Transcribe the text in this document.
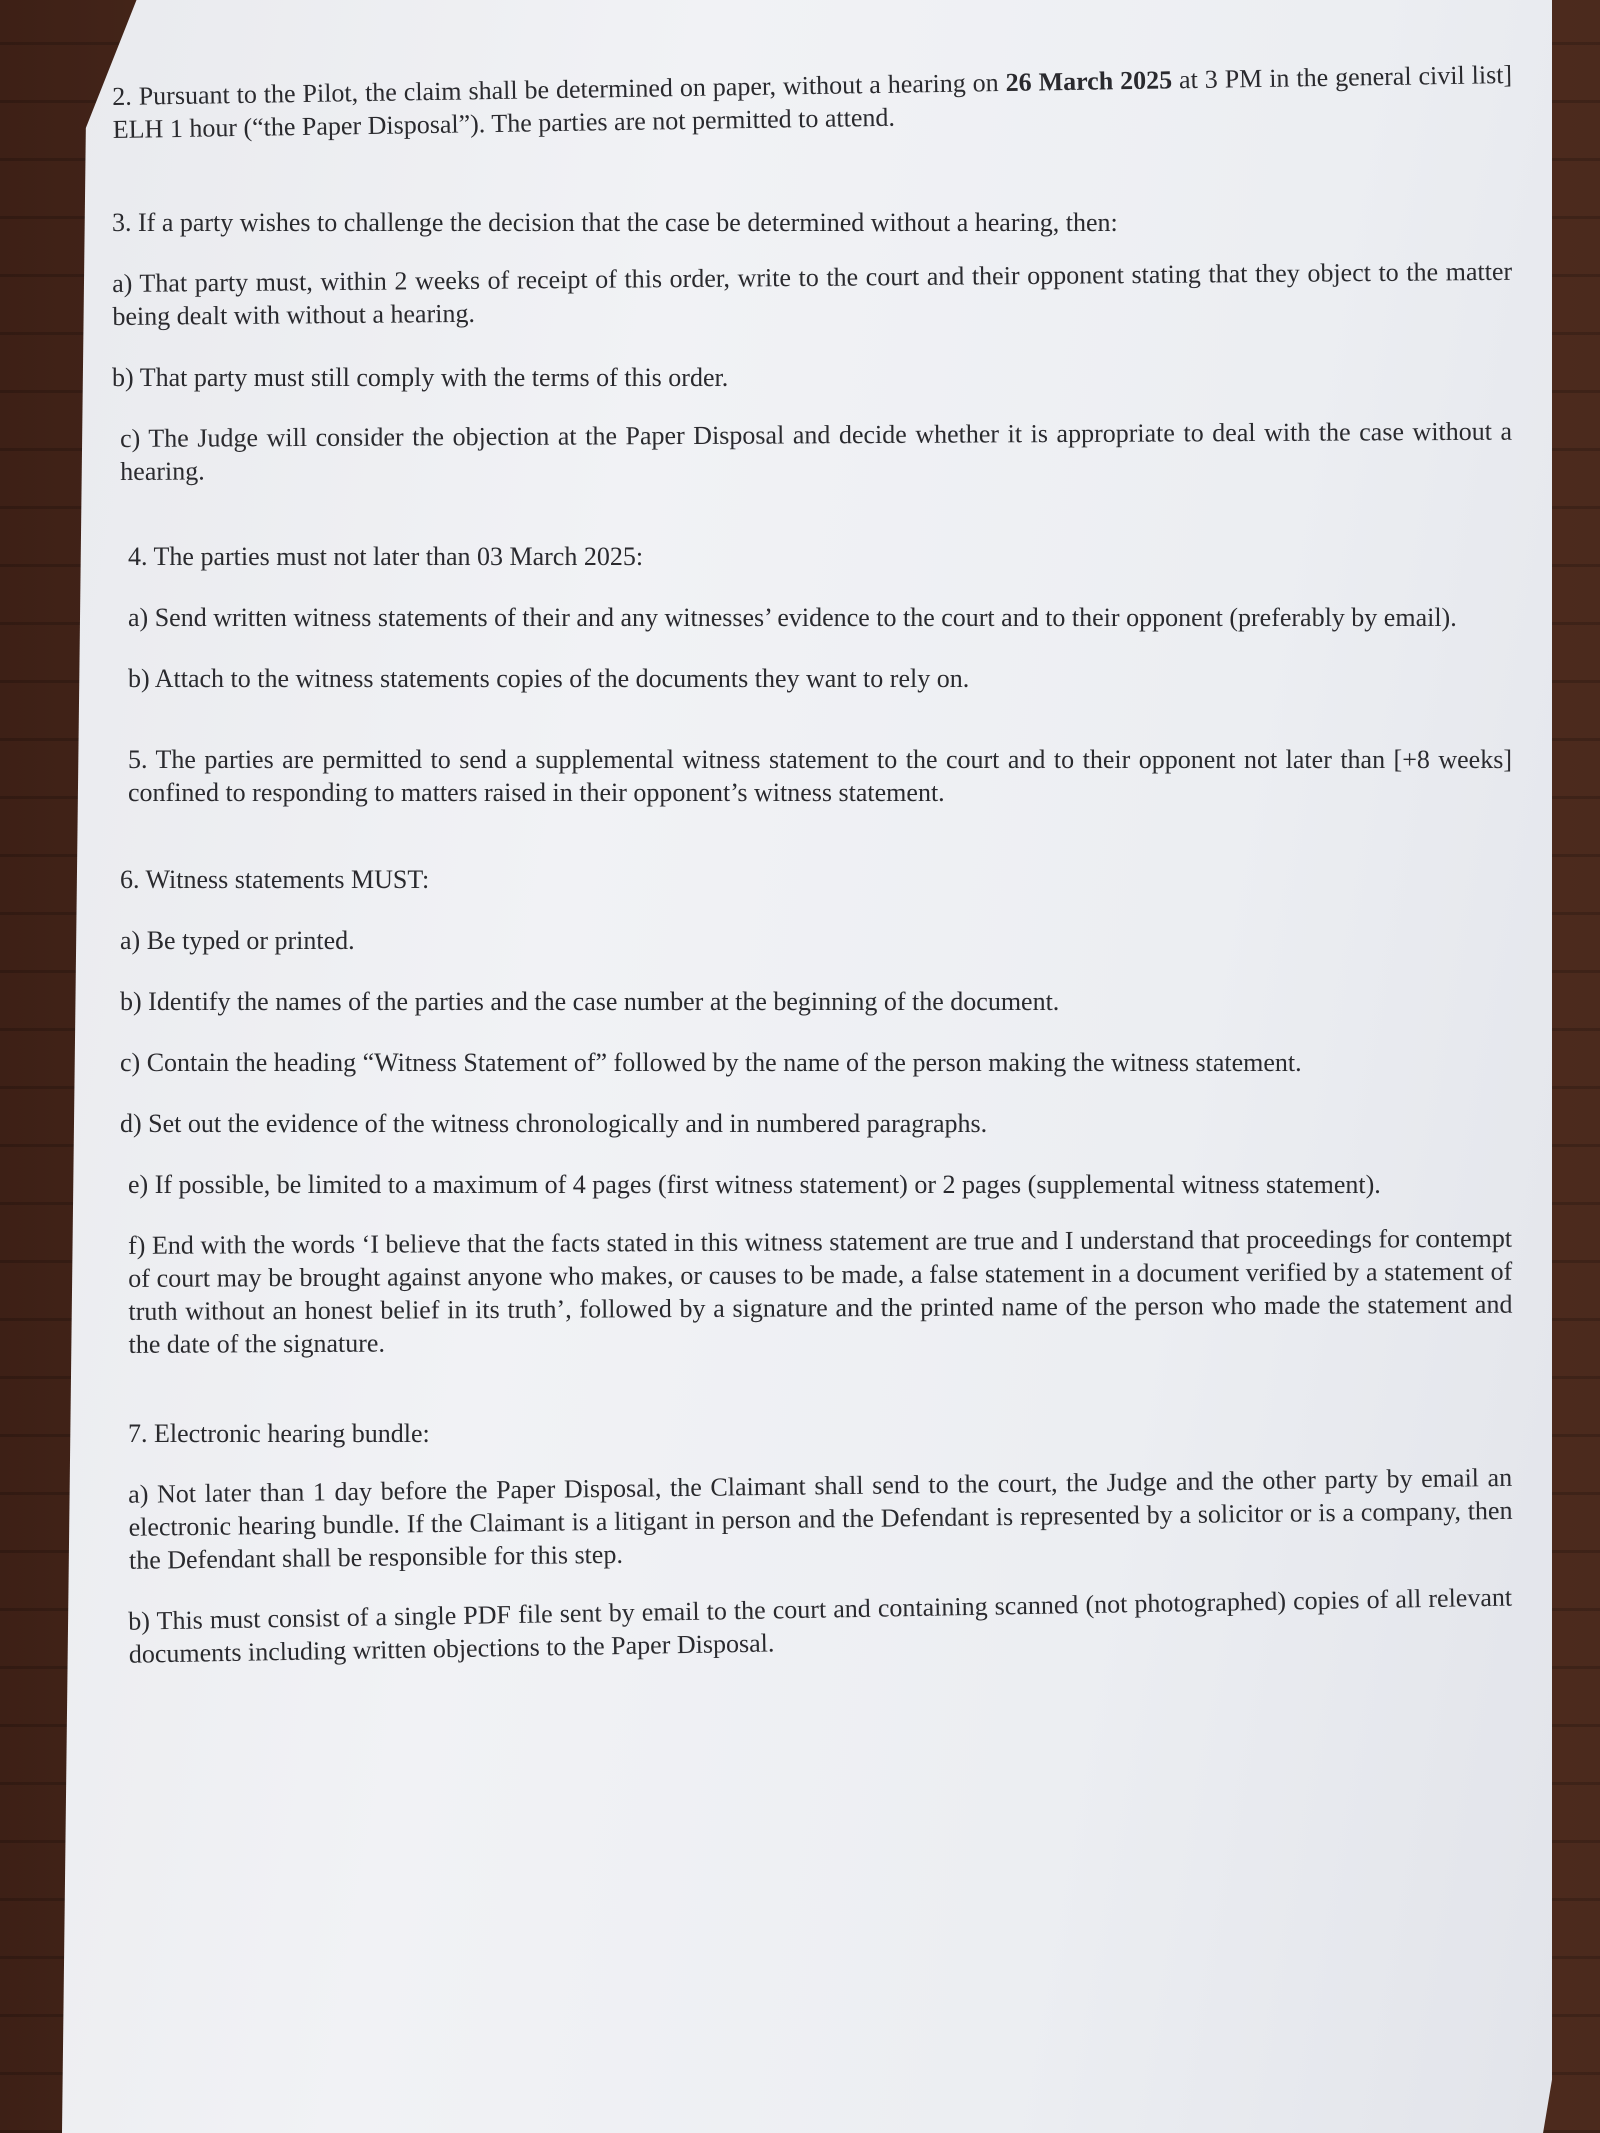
2. Pursuant to the Pilot, the claim shall be determined on paper, without a hearing on 26 March 2025 at 3 PM in the general civil list] ELH 1 hour (“the Paper Disposal”). The parties are not permitted to attend.

3. If a party wishes to challenge the decision that the case be determined without a hearing, then:

a) That party must, within 2 weeks of receipt of this order, write to the court and their opponent stating that they object to the matter being dealt with without a hearing.

b) That party must still comply with the terms of this order.

c) The Judge will consider the objection at the Paper Disposal and decide whether it is appropriate to deal with the case without a hearing.

4. The parties must not later than 03 March 2025:

a) Send written witness statements of their and any witnesses’ evidence to the court and to their opponent (preferably by email).

b) Attach to the witness statements copies of the documents they want to rely on.

5. The parties are permitted to send a supplemental witness statement to the court and to their opponent not later than [+8 weeks] confined to responding to matters raised in their opponent’s witness statement.

6. Witness statements MUST:

a) Be typed or printed.

b) Identify the names of the parties and the case number at the beginning of the document.

c) Contain the heading “Witness Statement of” followed by the name of the person making the witness statement.

d) Set out the evidence of the witness chronologically and in numbered paragraphs.

e) If possible, be limited to a maximum of 4 pages (first witness statement) or 2 pages (supplemental witness statement).

f) End with the words ‘I believe that the facts stated in this witness statement are true and I understand that proceedings for contempt of court may be brought against anyone who makes, or causes to be made, a false statement in a document verified by a statement of truth without an honest belief in its truth’, followed by a signature and the printed name of the person who made the statement and the date of the signature.

7. Electronic hearing bundle:

a) Not later than 1 day before the Paper Disposal, the Claimant shall send to the court, the Judge and the other party by email an electronic hearing bundle. If the Claimant is a litigant in person and the Defendant is represented by a solicitor or is a company, then the Defendant shall be responsible for this step.

b) This must consist of a single PDF file sent by email to the court and containing scanned (not photographed) copies of all relevant documents including written objections to the Paper Disposal.
